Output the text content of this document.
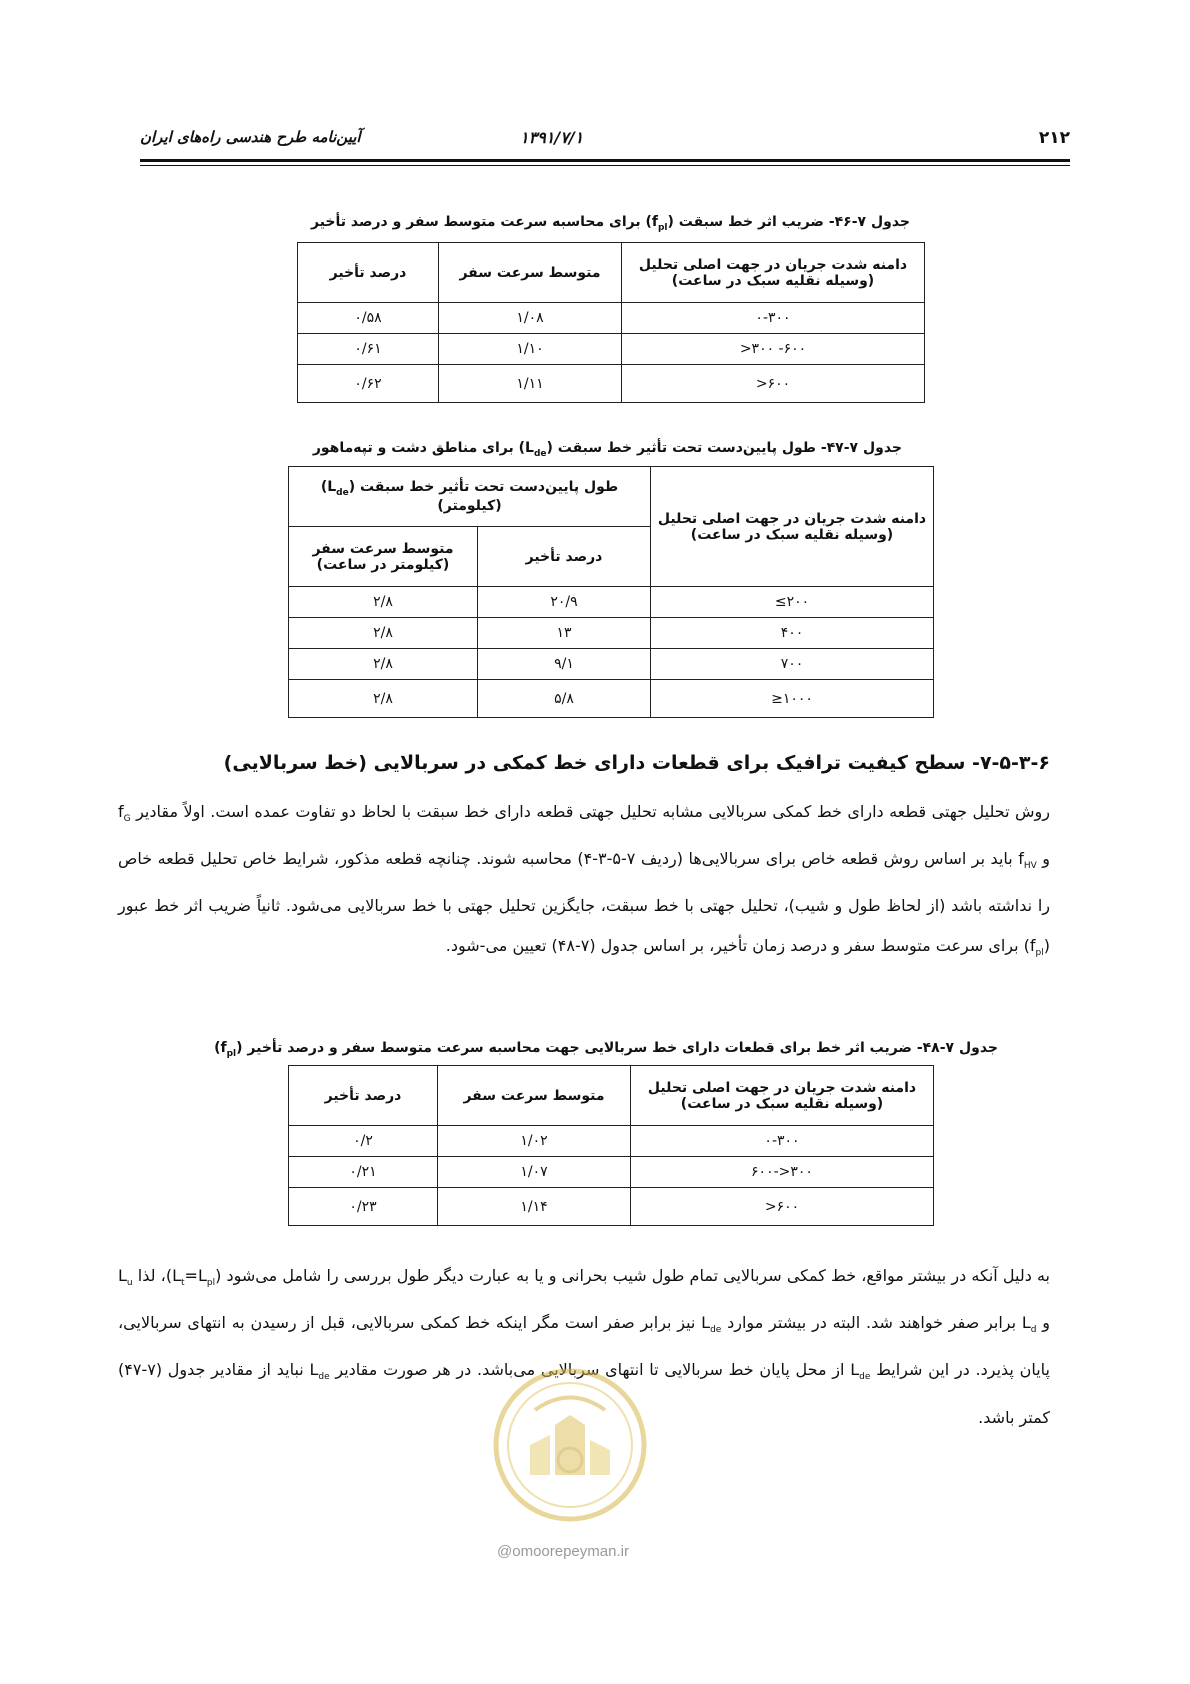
۲۱۲
۱۳۹۱/۷/۱
آیین‌نامه طرح هندسی راه‌های ایران
جدول ۷-۴۶- ضریب اثر خط سبقت $(f_{pl})$ برای محاسبه سرعت متوسط سفر و درصد تأخیر
دامنه شدت جریان در جهت اصلی تحلیل (وسیله نقلیه سبک در ساعت)	متوسط سرعت سفر	درصد تأخیر
۰-۳۰۰	۱/۰۸	۰/۵۸
۶۰۰- ۳۰۰<	۱/۱۰	۰/۶۱
۶۰۰<	۱/۱۱	۰/۶۲
جدول ۷-۴۷- طول پایین‌دست تحت تأثیر خط سبقت $(L_{de})$ برای مناطق دشت و تپه‌ماهور
دامنه شدت جریان در جهت اصلی تحلیل (وسیله نقلیه سبک در ساعت)	طول پایین‌دست تحت تأثیر خط سبقت $(L_{de})$ (کیلومتر)	
	درصد تأخیر	متوسط سرعت سفر (کیلومتر در ساعت)
۲۰۰≥	۲۰/۹	۲/۸
۴۰۰	۱۳	۲/۸
۷۰۰	۹/۱	۲/۸
۱۰۰۰≤	۵/۸	۲/۸
۷-۵-۳-۶- سطح کیفیت ترافیک برای قطعات دارای خط کمکی در سربالایی (خط سربالایی)
روش تحلیل جهتی قطعه دارای خط کمکی سربالایی مشابه تحلیل جهتی قطعه دارای خط سبقت با لحاظ دو تفاوت عمده است. اولاً مقادیر $f_G$ و $f_{HV}$ باید بر اساس روش قطعه خاص برای سربالایی‌ها (ردیف ۷-۵-۳-۴) محاسبه شوند. چنانچه قطعه مذکور، شرایط خاص تحلیل قطعه خاص را نداشته باشد (از لحاظ طول و شیب)، تحلیل جهتی با خط سبقت، جایگزین تحلیل جهتی با خط سربالایی می‌شود. ثانیاً ضریب اثر خط عبور $(f_{pl})$ برای سرعت متوسط سفر و درصد زمان تأخیر، بر اساس جدول (۷-۴۸) تعیین می-شود.
جدول ۷-۴۸- ضریب اثر خط برای قطعات دارای خط سربالایی جهت محاسبه سرعت متوسط سفر و درصد تأخیر $(f_{pl})$
دامنه شدت جریان در جهت اصلی تحلیل (وسیله نقلیه سبک در ساعت)	متوسط سرعت سفر	درصد تأخیر
۰-۳۰۰	۱/۰۲	۰/۲
۳۰۰<-۶۰۰	۱/۰۷	۰/۲۱
۶۰۰<	۱/۱۴	۰/۲۳
به دلیل آنکه در بیشتر مواقع، خط کمکی سربالایی تمام طول شیب بحرانی و یا به عبارت دیگر طول بررسی را شامل می‌شود $(L_t=L_{pl})،$ لذا $L_u$ و $L_d$ برابر صفر خواهند شد. البته در بیشتر موارد $L_{de}$ نیز برابر صفر است مگر اینکه خط کمکی سربالایی، قبل از رسیدن به انتهای سربالایی، پایان پذیرد. در این شرایط $L_{de}$ از محل پایان خط سربالایی تا انتهای سربالایی می‌باشد. در هر صورت مقادیر $L_{de}$ نباید از مقادیر جدول (۷-۴۷) کمتر باشد.
@omoorepeyman.ir
